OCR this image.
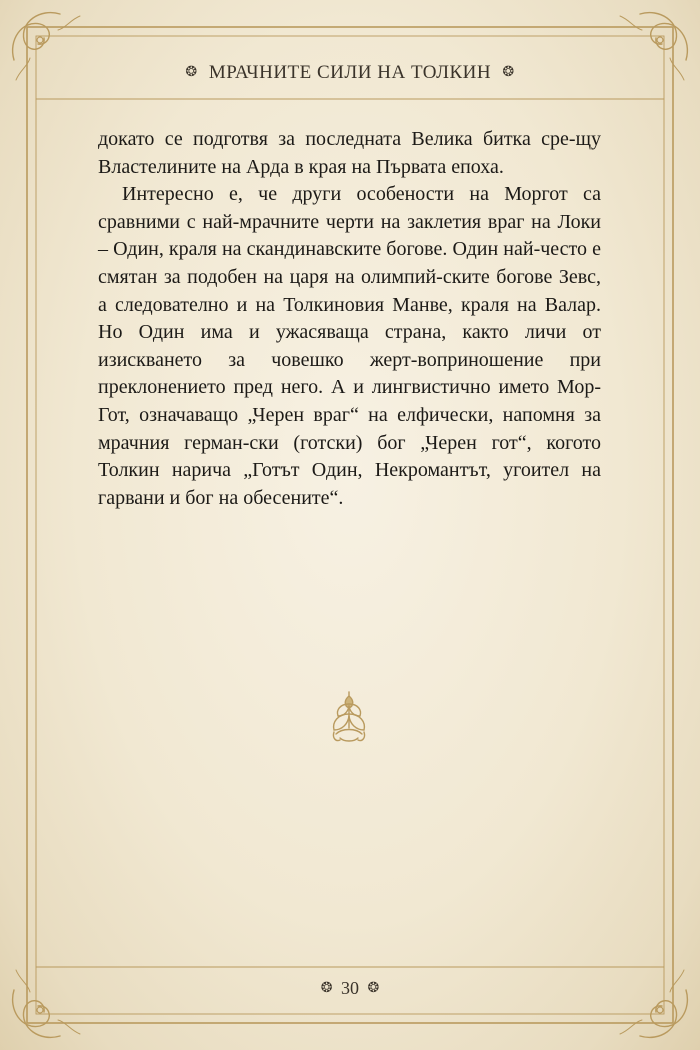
❂ МРАЧНИТЕ СИЛИ НА ТОЛКИН ❂

докато се подготвя за последната Велика битка сре-щу Властелините на Арда в края на Първата епоха.

Интересно е, че други особености на Моргот са сравними с най-мрачните черти на заклетия враг на Локи – Один, краля на скандинавските богове. Один най-често е смятан за подобен на царя на олимпий-ските богове Зевс, а следователно и на Толкиновия Манве, краля на Валар. Но Один има и ужасяваща страна, както личи от изискването за човешко жерт-воприношение при преклонението пред него. А и лингвистично името Мор-Гот, означаващо „Черен враг“ на елфически, напомня за мрачния герман-ски (готски) бог „Черен гот“, когото Толкин нарича „Готът Один, Некромантът, угоител на гарвани и бог на обесените“.

❂ 30 ❂
